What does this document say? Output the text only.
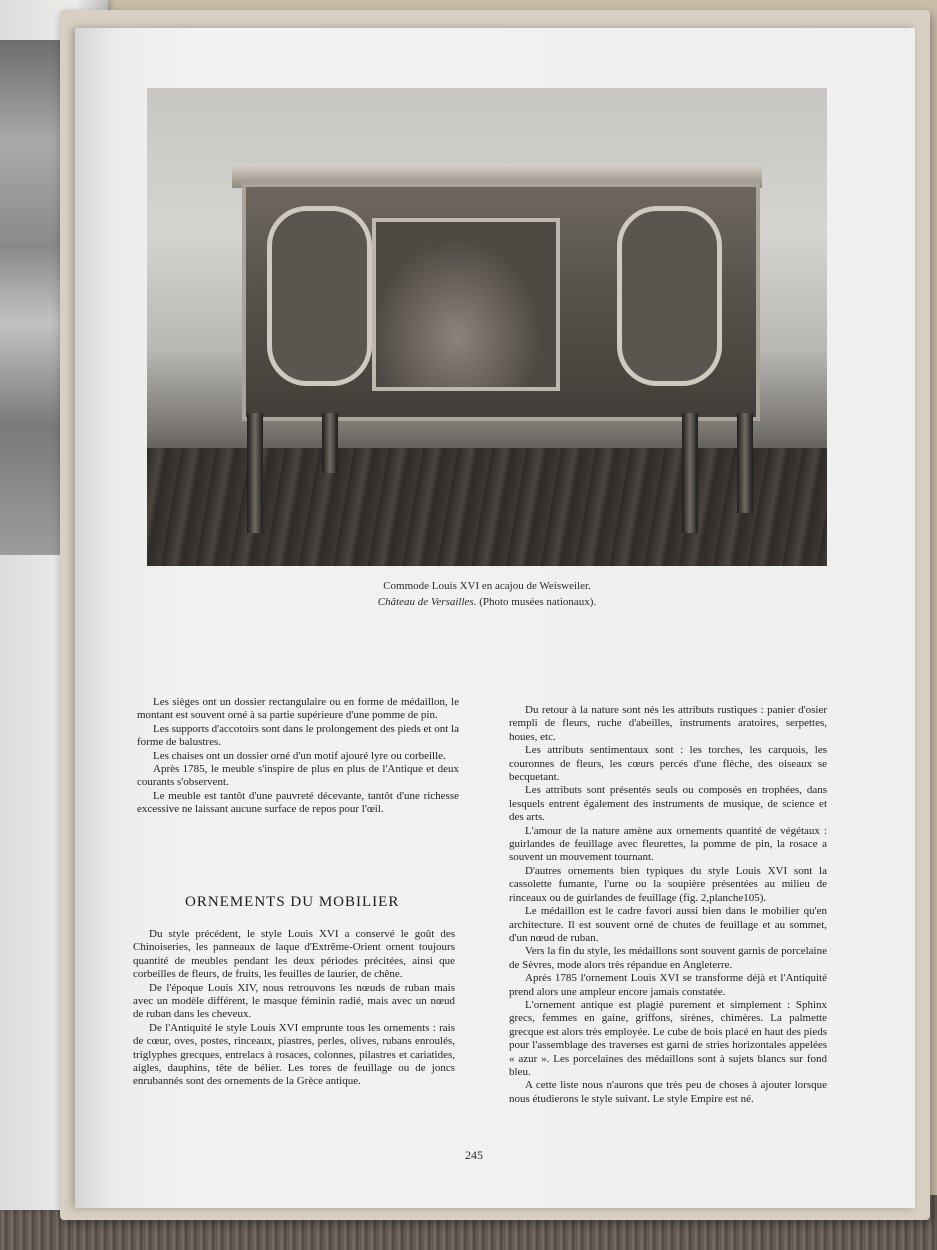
Commode Louis XVI en acajou de Weisweiler.
Château de Versailles. (Photo musées nationaux).

Les sièges ont un dossier rectangulaire ou en forme de médaillon, le montant est souvent orné à sa partie supérieure d'une pomme de pin.

Les supports d'accotoirs sont dans le prolongement des pieds et ont la forme de balustres.

Les chaises ont un dossier orné d'un motif ajouré lyre ou corbeille.

Après 1785, le meuble s'inspire de plus en plus de l'Antique et deux courants s'observent.

Le meuble est tantôt d'une pauvreté décevante, tantôt d'une richesse excessive ne laissant aucune surface de repos pour l'œil.

ORNEMENTS DU MOBILIER

Du style précédent, le style Louis XVI a conservé le goût des Chinoiseries, les panneaux de laque d'Extrême-Orient ornent toujours quantité de meubles pendant les deux périodes précitées, ainsi que corbeilles de fleurs, de fruits, les feuilles de laurier, de chêne.

De l'époque Louis XIV, nous retrouvons les nœuds de ruban mais avec un modèle différent, le masque féminin radié, mais avec un nœud de ruban dans les cheveux.

De l'Antiquité le style Louis XVI emprunte tous les ornements : rais de cœur, oves, postes, rinceaux, piastres, perles, olives, rubans enroulés, triglyphes grecques, entrelacs à rosaces, colonnes, pilastres et cariatides, aigles, dauphins, tête de bélier. Les tores de feuillage ou de joncs enrubannés sont des ornements de la Grèce antique.

Du retour à la nature sont nés les attributs rustiques : panier d'osier rempli de fleurs, ruche d'abeilles, instruments aratoires, serpettes, houes, etc.

Les attributs sentimentaux sont : les torches, les carquois, les couronnes de fleurs, les cœurs percés d'une flèche, des oiseaux se becquetant.

Les attributs sont présentés seuls ou composés en trophées, dans lesquels entrent également des instruments de musique, de science et des arts.

L'amour de la nature amène aux ornements quantité de végétaux : guirlandes de feuillage avec fleurettes, la pomme de pin, la rosace a souvent un mouvement tournant.

D'autres ornements bien typiques du style Louis XVI sont la cassolette fumante, l'urne ou la soupière présentées au milieu de rinceaux ou de guirlandes de feuillage (fig. 2,planche105).

Le médaillon est le cadre favori aussi bien dans le mobilier qu'en architecture. Il est souvent orné de chutes de feuillage et au sommet, d'un nœud de ruban.

Vers la fin du style, les médaillons sont souvent garnis de porcelaine de Sèvres, mode alors très répandue en Angleterre.

Après 1785 l'ornement Louis XVI se transforme déjà et l'Antiquité prend alors une ampleur encore jamais constatée.

L'ornement antique est plagié purement et simplement : Sphinx grecs, femmes en gaine, griffons, sirènes, chimères. La palmette grecque est alors très employée. Le cube de bois placé en haut des pieds pour l'assemblage des traverses est garni de stries horizontales appelées « azur ». Les porcelaines des médaillons sont à sujets blancs sur fond bleu.

A cette liste nous n'aurons que très peu de choses à ajouter lorsque nous étudierons le style suivant. Le style Empire est né.

245
